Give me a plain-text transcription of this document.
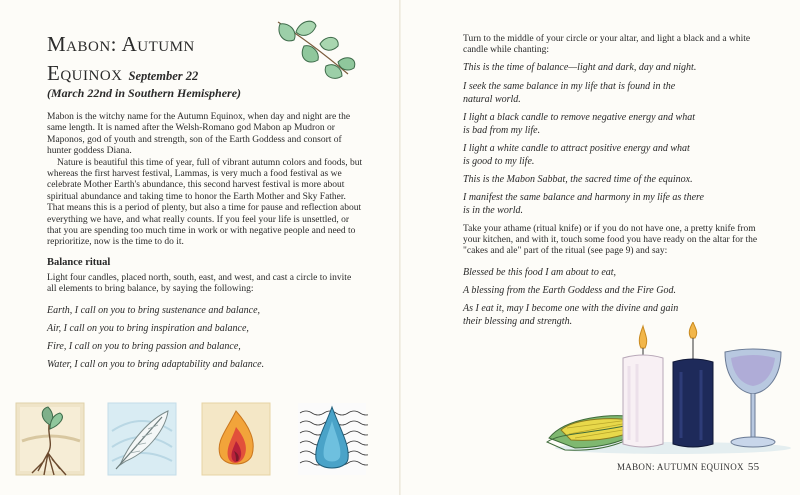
Mabon: Autumn
Equinox September 22
(March 22nd in Southern Hemisphere)

Mabon is the witchy name for the Autumn Equinox, when day and night are the same length. It is named after the Welsh-Romano god Mabon ap Mudron or Maponos, god of youth and strength, son of the Earth Goddess and consort of hunter goddess Diana.

Nature is beautiful this time of year, full of vibrant autumn colors and foods, but whereas the first harvest festival, Lammas, is very much a food festival as we celebrate Mother Earth's abundance, this second harvest festival is more about spiritual abundance and taking time to honor the Earth Mother and Sky Father. That means this is a period of plenty, but also a time for pause and reflection about everything we have, and what really counts. If you feel your life is unsettled, or that you are spending too much time in work or with negative people and need to reprioritize, now is the time to do it.

Balance ritual
Light four candles, placed north, south, east, and west, and cast a circle to invite all elements to bring balance, by saying the following:
Earth, I call on you to bring sustenance and balance,
Air, I call on you to bring inspiration and balance,
Fire, I call on you to bring passion and balance,
Water, I call on you to bring adaptability and balance.

Turn to the middle of your circle or your altar, and light a black and a white

candle while chanting:

This is the time of balance—light and dark, day and night.

I seek the same balance in my life that is found in the

natural world.

I light a black candle to remove negative energy and what

is bad from my life.

I light a white candle to attract positive energy and what

is good to my life.

This is the Mabon Sabbat, the sacred time of the equinox.

I manifest the same balance and harmony in my life as there

is in the world.

Take your athame (ritual knife) or if you do not have one, a pretty knife from

your kitchen, and with it, touch some food you have ready on the altar for the

"cakes and ale" part of the ritual (see page 9) and say:

Blessed be this food I am about to eat,

A blessing from the Earth Goddess and the Fire God.

As I eat it, may I become one with the divine and gain

their blessing and strength.

MABON: AUTUMN EQUINOX 55
